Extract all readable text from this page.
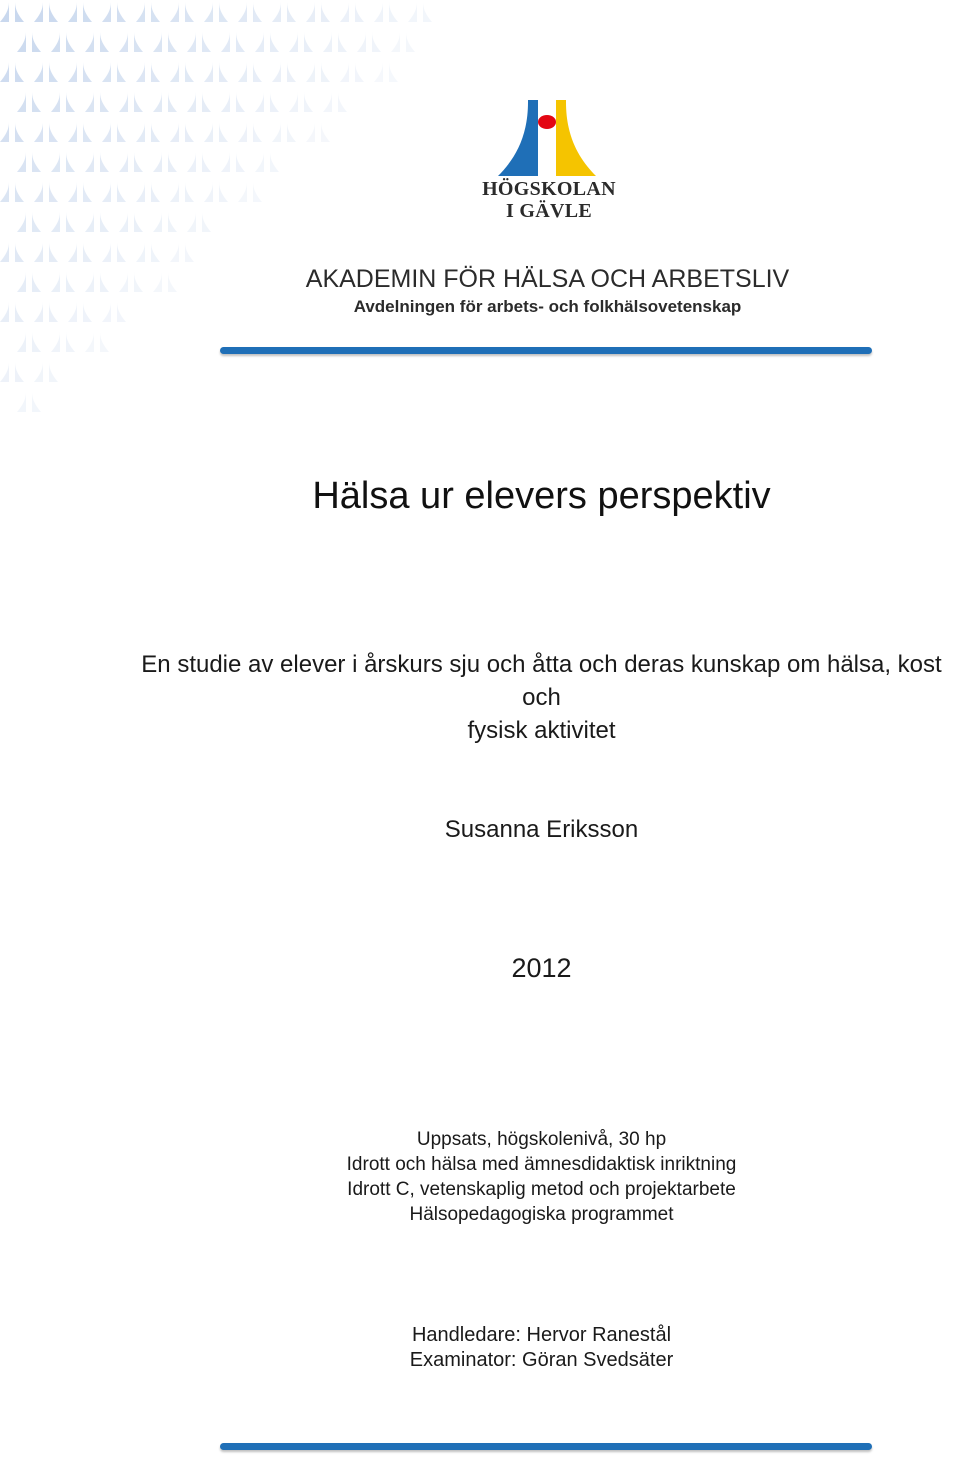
HÖGSKOLAN
I GÄVLE
AKADEMIN FÖR HÄLSA OCH ARBETSLIV
Avdelningen för arbets- och folkhälsovetenskap
Hälsa ur elevers perspektiv
En studie av elever i årskurs sju och åtta och deras kunskap om hälsa, kost och
fysisk aktivitet
Susanna Eriksson
2012
Uppsats, högskolenivå, 30 hp
Idrott och hälsa med ämnesdidaktisk inriktning
Idrott C, vetenskaplig metod och projektarbete
Hälsopedagogiska programmet
Handledare: Hervor Ranestål
Examinator: Göran Svedsäter
